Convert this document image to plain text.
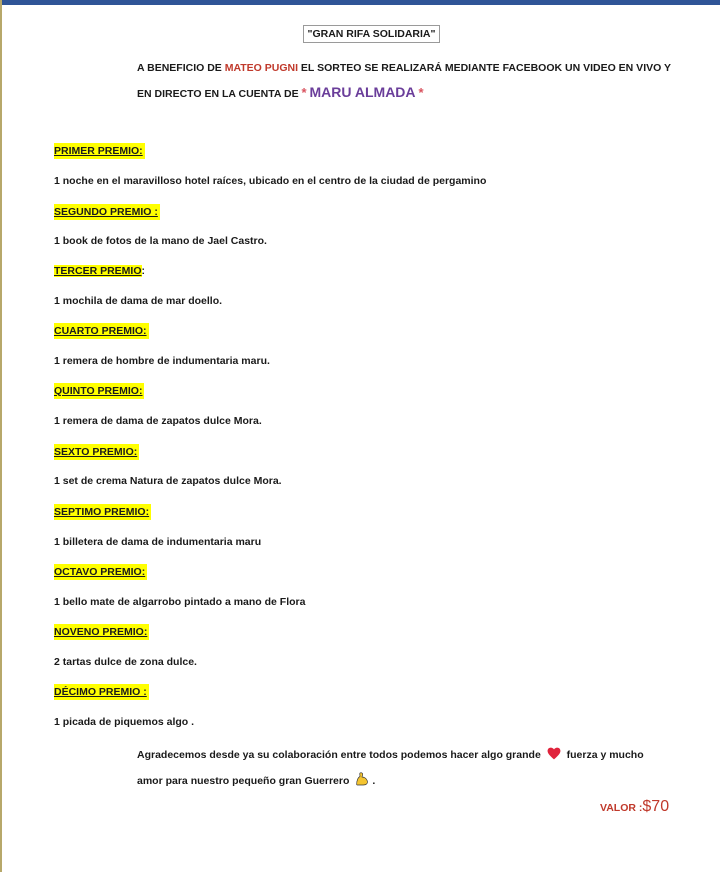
"GRAN RIFA SOLIDARIA"
A BENEFICIO DE MATEO PUGNI EL SORTEO SE REALIZARÁ MEDIANTE FACEBOOK UN VIDEO EN VIVO Y EN DIRECTO EN LA CUENTA DE * MARU ALMADA *
PRIMER PREMIO:
1 noche en el maravilloso hotel raíces, ubicado en el centro de la ciudad de pergamino
SEGUNDO PREMIO :
1 book de fotos de la mano de Jael Castro.
TERCER PREMIO:
1 mochila de dama de mar doello.
CUARTO PREMIO:
1 remera de hombre de indumentaria maru.
QUINTO PREMIO:
1 remera de dama de zapatos dulce Mora.
SEXTO PREMIO:
1 set de crema Natura de zapatos dulce Mora.
SEPTIMO PREMIO:
1 billetera de dama de indumentaria maru
OCTAVO PREMIO:
1 bello mate de algarrobo pintado a mano de Flora
NOVENO PREMIO:
2 tartas dulce de zona dulce.
DÉCIMO PREMIO :
1 picada de piquemos algo .
Agradecemos desde ya su colaboración entre todos podemos hacer algo grande  fuerza y mucho amor para nuestro pequeño gran Guerrero .
VALOR :$70
